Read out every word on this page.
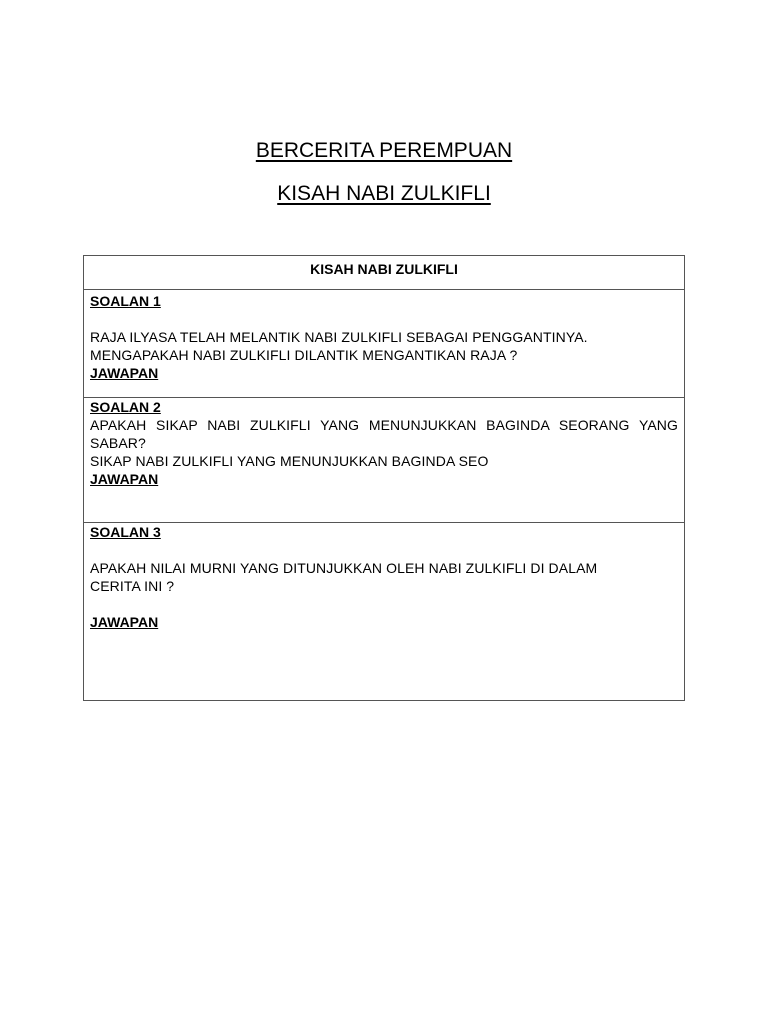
BERCERITA PEREMPUAN
KISAH NABI ZULKIFLI
KISAH NABI ZULKIFLI
SOALAN 1
RAJA ILYASA TELAH MELANTIK NABI ZULKIFLI SEBAGAI PENGGANTINYA.
MENGAPAKAH NABI ZULKIFLI DILANTIK MENGANTIKAN RAJA ?
JAWAPAN
SOALAN 2
APAKAH SIKAP NABI ZULKIFLI YANG MENUNJUKKAN BAGINDA SEORANG YANG SABAR?
SIKAP NABI ZULKIFLI YANG MENUNJUKKAN BAGINDA SEO
JAWAPAN
SOALAN 3
APAKAH NILAI MURNI YANG DITUNJUKKAN OLEH NABI ZULKIFLI DI DALAM CERITA INI ?
JAWAPAN
